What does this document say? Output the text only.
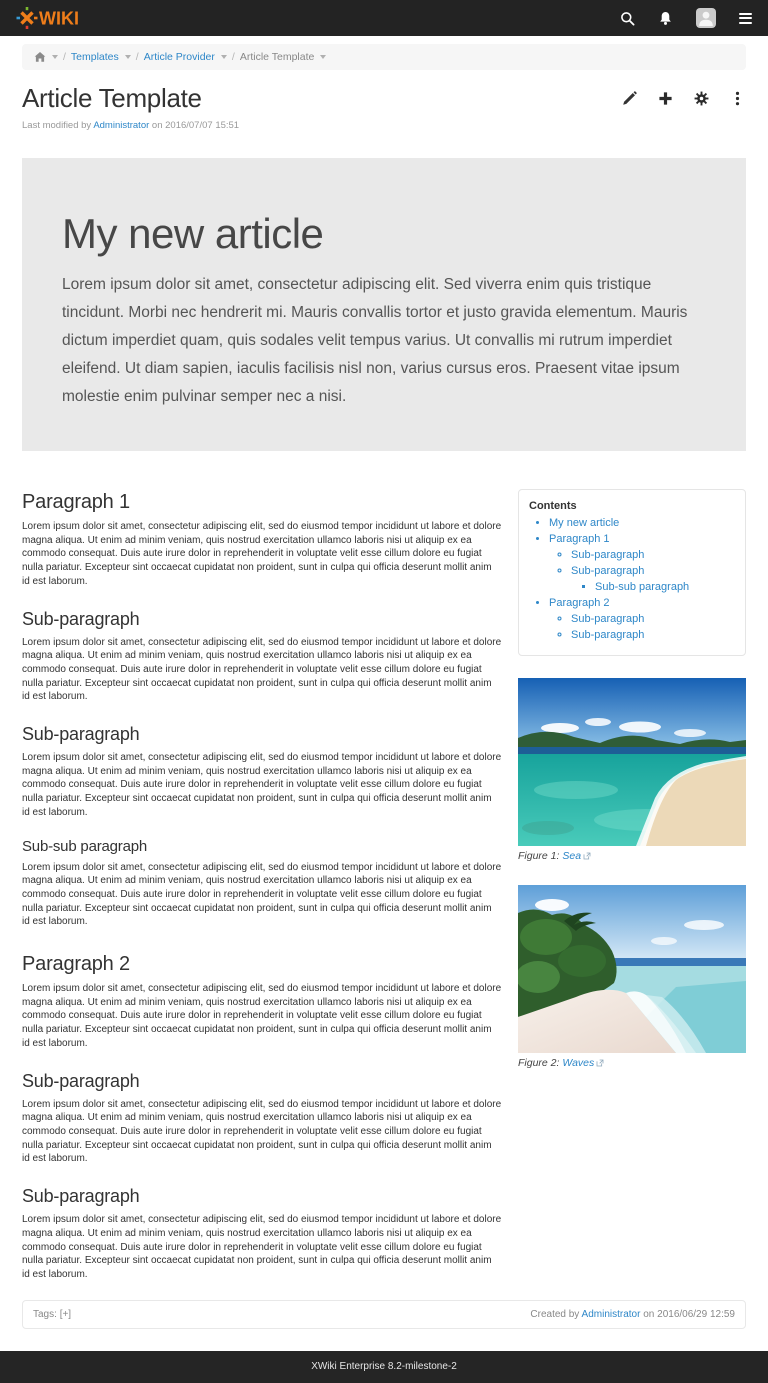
WIKI
/ Templates / Article Provider / Article Template
Article Template
Last modified by Administrator on 2016/07/07 15:51
My new article

Lorem ipsum dolor sit amet, consectetur adipiscing elit. Sed viverra enim quis tristique tincidunt. Morbi nec hendrerit mi. Mauris convallis tortor et justo gravida elementum. Mauris dictum imperdiet quam, quis sodales velit tempus varius. Ut convallis mi rutrum imperdiet eleifend. Ut diam sapien, iaculis facilisis nisl non, varius cursus eros. Praesent vitae ipsum molestie enim pulvinar semper nec a nisi.

Paragraph 1

Lorem ipsum dolor sit amet, consectetur adipiscing elit, sed do eiusmod tempor incididunt ut labore et dolore magna aliqua. Ut enim ad minim veniam, quis nostrud exercitation ullamco laboris nisi ut aliquip ex ea commodo consequat. Duis aute irure dolor in reprehenderit in voluptate velit esse cillum dolore eu fugiat nulla pariatur. Excepteur sint occaecat cupidatat non proident, sunt in culpa qui officia deserunt mollit anim id est laborum.

Sub-paragraph

Lorem ipsum dolor sit amet, consectetur adipiscing elit, sed do eiusmod tempor incididunt ut labore et dolore magna aliqua. Ut enim ad minim veniam, quis nostrud exercitation ullamco laboris nisi ut aliquip ex ea commodo consequat. Duis aute irure dolor in reprehenderit in voluptate velit esse cillum dolore eu fugiat nulla pariatur. Excepteur sint occaecat cupidatat non proident, sunt in culpa qui officia deserunt mollit anim id est laborum.

Sub-paragraph

Lorem ipsum dolor sit amet, consectetur adipiscing elit, sed do eiusmod tempor incididunt ut labore et dolore magna aliqua. Ut enim ad minim veniam, quis nostrud exercitation ullamco laboris nisi ut aliquip ex ea commodo consequat. Duis aute irure dolor in reprehenderit in voluptate velit esse cillum dolore eu fugiat nulla pariatur. Excepteur sint occaecat cupidatat non proident, sunt in culpa qui officia deserunt mollit anim id est laborum.

Sub-sub paragraph

Lorem ipsum dolor sit amet, consectetur adipiscing elit, sed do eiusmod tempor incididunt ut labore et dolore magna aliqua. Ut enim ad minim veniam, quis nostrud exercitation ullamco laboris nisi ut aliquip ex ea commodo consequat. Duis aute irure dolor in reprehenderit in voluptate velit esse cillum dolore eu fugiat nulla pariatur. Excepteur sint occaecat cupidatat non proident, sunt in culpa qui officia deserunt mollit anim id est laborum.

Paragraph 2

Lorem ipsum dolor sit amet, consectetur adipiscing elit, sed do eiusmod tempor incididunt ut labore et dolore magna aliqua. Ut enim ad minim veniam, quis nostrud exercitation ullamco laboris nisi ut aliquip ex ea commodo consequat. Duis aute irure dolor in reprehenderit in voluptate velit esse cillum dolore eu fugiat nulla pariatur. Excepteur sint occaecat cupidatat non proident, sunt in culpa qui officia deserunt mollit anim id est laborum.

Sub-paragraph

Lorem ipsum dolor sit amet, consectetur adipiscing elit, sed do eiusmod tempor incididunt ut labore et dolore magna aliqua. Ut enim ad minim veniam, quis nostrud exercitation ullamco laboris nisi ut aliquip ex ea commodo consequat. Duis aute irure dolor in reprehenderit in voluptate velit esse cillum dolore eu fugiat nulla pariatur. Excepteur sint occaecat cupidatat non proident, sunt in culpa qui officia deserunt mollit anim id est laborum.

Sub-paragraph

Lorem ipsum dolor sit amet, consectetur adipiscing elit, sed do eiusmod tempor incididunt ut labore et dolore magna aliqua. Ut enim ad minim veniam, quis nostrud exercitation ullamco laboris nisi ut aliquip ex ea commodo consequat. Duis aute irure dolor in reprehenderit in voluptate velit esse cillum dolore eu fugiat nulla pariatur. Excepteur sint occaecat cupidatat non proident, sunt in culpa qui officia deserunt mollit anim id est laborum.

Contents
• My new article
• Paragraph 1
◦ Sub-paragraph
◦ Sub-paragraph
▪ Sub-sub paragraph
• Paragraph 2
◦ Sub-paragraph
◦ Sub-paragraph
Figure 1: Sea
Figure 2: Waves
Tags: [+]	Created by Administrator on 2016/06/29 12:59
XWiki Enterprise 8.2-milestone-2
